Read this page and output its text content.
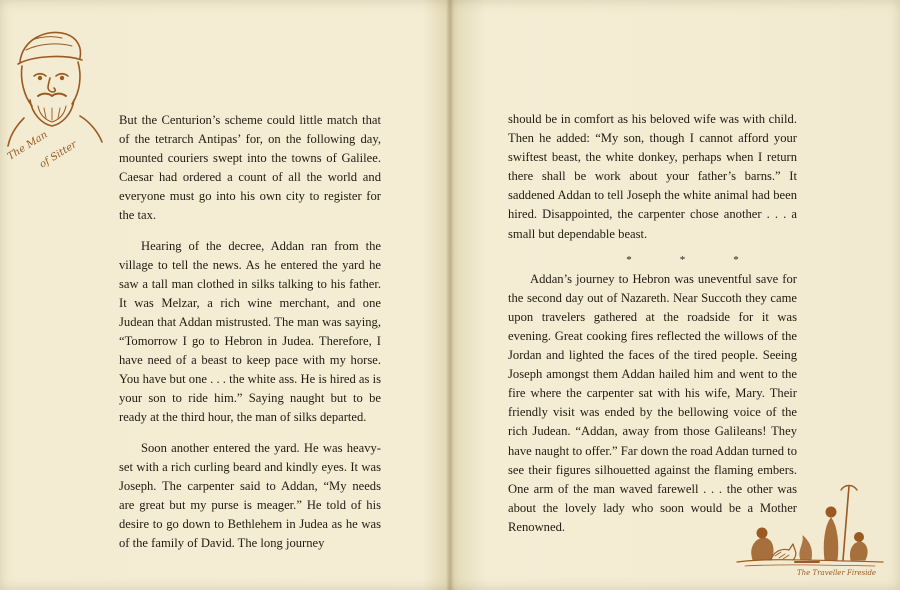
The Man
of Sitter

But the Centurion’s scheme could little match that of the tetrarch Antipas’ for, on the following day, mounted couriers swept into the towns of Galilee. Caesar had ordered a count of all the world and everyone must go into his own city to register for the tax.

Hearing of the decree, Addan ran from the village to tell the news. As he entered the yard he saw a tall man clothed in silks talking to his father. It was Melzar, a rich wine merchant, and one Judean that Addan mistrusted. The man was saying, “Tomorrow I go to Hebron in Judea. Therefore, I have need of a beast to keep pace with my horse. You have but one . . . the white ass. He is hired as is your son to ride him.” Saying naught but to be ready at the third hour, the man of silks departed.

Soon another entered the yard. He was heavy-set with a rich curling beard and kindly eyes. It was Joseph. The carpenter said to Addan, “My needs are great but my purse is meager.” He told of his desire to go down to Bethlehem in Judea as he was of the family of David. The long journey

should be in comfort as his beloved wife was with child. Then he added: “My son, though I cannot afford your swiftest beast, the white donkey, perhaps when I return there shall be work about your father’s barns.” It saddened Addan to tell Joseph the white animal had been hired. Disappointed, the carpenter chose another . . . a small but dependable beast.

*	*	*

Addan’s journey to Hebron was uneventful save for the second day out of Nazareth. Near Succoth they came upon travelers gathered at the roadside for it was evening. Great cooking fires reflected the willows of the Jordan and lighted the faces of the tired people. Seeing Joseph amongst them Addan hailed him and went to the fire where the carpenter sat with his wife, Mary. Their friendly visit was ended by the bellowing voice of the rich Judean. “Addan, away from those Galileans! They have naught to offer.” Far down the road Addan turned to see their figures silhouetted against the flaming embers. One arm of the man waved farewell . . . the other was about the lovely lady who soon would be a Mother Renowned.

The Traveller Fireside
